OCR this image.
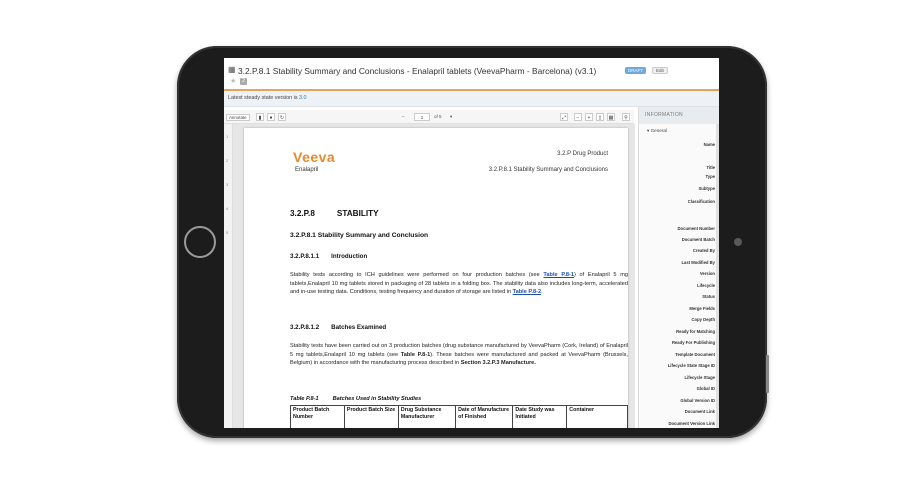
▦ 3.2.P.8.1 Stability Summary and Conclusions - Enalapril tablets (VeevaPharm - Barcelona) (v3.1)	DRAFT	Edit
★	2
Latest steady state version is 3.0
Annotate	▮	●	↻	–	1	of 5 ▾	⤢	−	+	▯	▦	⚲
1
2
3
4
5
Veeva
Enalapril
3.2.P Drug Product
3.2.P.8.1 Stability Summary and Conclusions
3.2.P.8	STABILITY
3.2.P.8.1 Stability Summary and Conclusion
3.2.P.8.1.1 Introduction
Stability tests according to ICH guidelines were performed on four production batches (see Table P.8-1) of Enalapril 5 mg tablets,Enalapril 10 mg tablets stored in packaging of 28 tablets in a folding box. The stability data also includes long-term, accelerated and in-use testing data. Conditions, testing frequency and duration of storage are listed in Table P.8-2.
3.2.P.8.1.2 Batches Examined
Stability tests have been carried out on 3 production batches (drug substance manufactured by VeevaPharm (Cork, Ireland) of Enalapril 5 mg tablets,Enalapril 10 mg tablets (see Table P.8-1). These batches were manufactured and packed at VeevaPharm (Brussels, Belgium) in accordance with the manufacturing process described in Section 3.2.P.3 Manufacture.
Table P.8-1	Batches Used in Stability Studies
Product Batch Number	Product Batch Size	Drug Substance Manufacturer	Date of Manufacture of Finished	Date Study was Initiated	Container
INFORMATION
▾ General
Name
Title
Type
Subtype
Classification
Document Number
Document Batch
Created By
Last Modified By
Version
Lifecycle
Status
Merge Fields
Copy Depth
Ready for Matching
Ready For Publishing
Template Document
Lifecycle State Stage ID
Lifecycle Stage
Global ID
Global Version ID
Document Link
Document Version Link
